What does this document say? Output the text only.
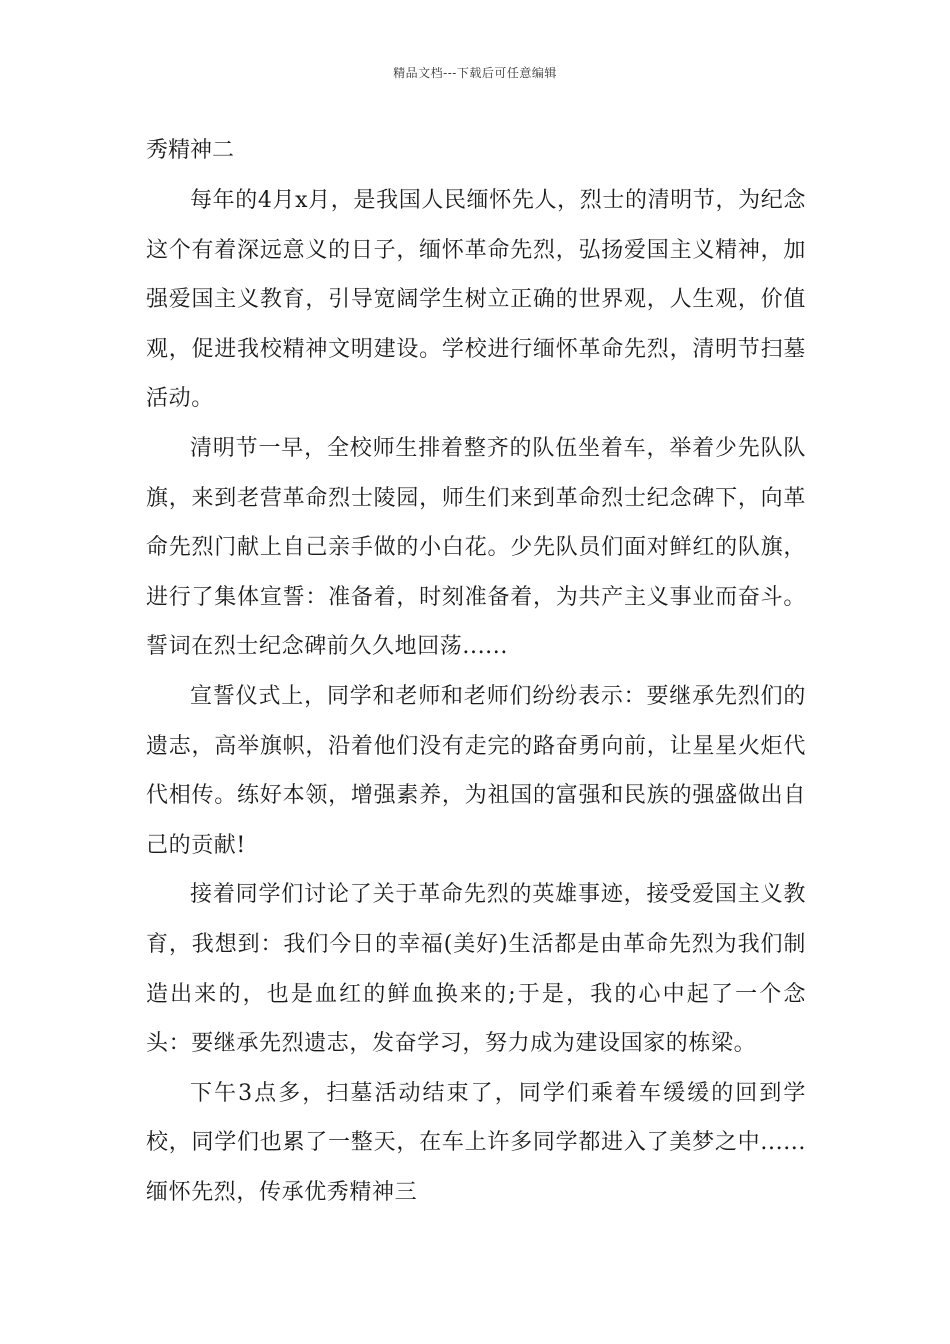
精品文档---下载后可任意编辑

秀精神二

每年的4月x月，是我国人民缅怀先人，烈士的清明节，为纪念这个有着深远意义的日子，缅怀革命先烈，弘扬爱国主义精神，加强爱国主义教育，引导宽阔学生树立正确的世界观，人生观，价值观，促进我校精神文明建设。学校进行缅怀革命先烈，清明节扫墓活动。

清明节一早，全校师生排着整齐的队伍坐着车，举着少先队队旗，来到老营革命烈士陵园，师生们来到革命烈士纪念碑下，向革命先烈门献上自己亲手做的小白花。少先队员们面对鲜红的队旗，进行了集体宣誓：准备着，时刻准备着，为共产主义事业而奋斗。誓词在烈士纪念碑前久久地回荡......

宣誓仪式上，同学和老师和老师们纷纷表示：要继承先烈们的遗志，高举旗帜，沿着他们没有走完的路奋勇向前，让星星火炬代代相传。练好本领，增强素养，为祖国的富强和民族的强盛做出自己的贡献!

接着同学们讨论了关于革命先烈的英雄事迹，接受爱国主义教育，我想到：我们今日的幸福(美好)生活都是由革命先烈为我们制造出来的，也是血红的鲜血换来的;于是，我的心中起了一个念头：要继承先烈遗志，发奋学习，努力成为建设国家的栋梁。

下午3点多，扫墓活动结束了，同学们乘着车缓缓的回到学校，同学们也累了一整天，在车上许多同学都进入了美梦之中......缅怀先烈，传承优秀精神三
